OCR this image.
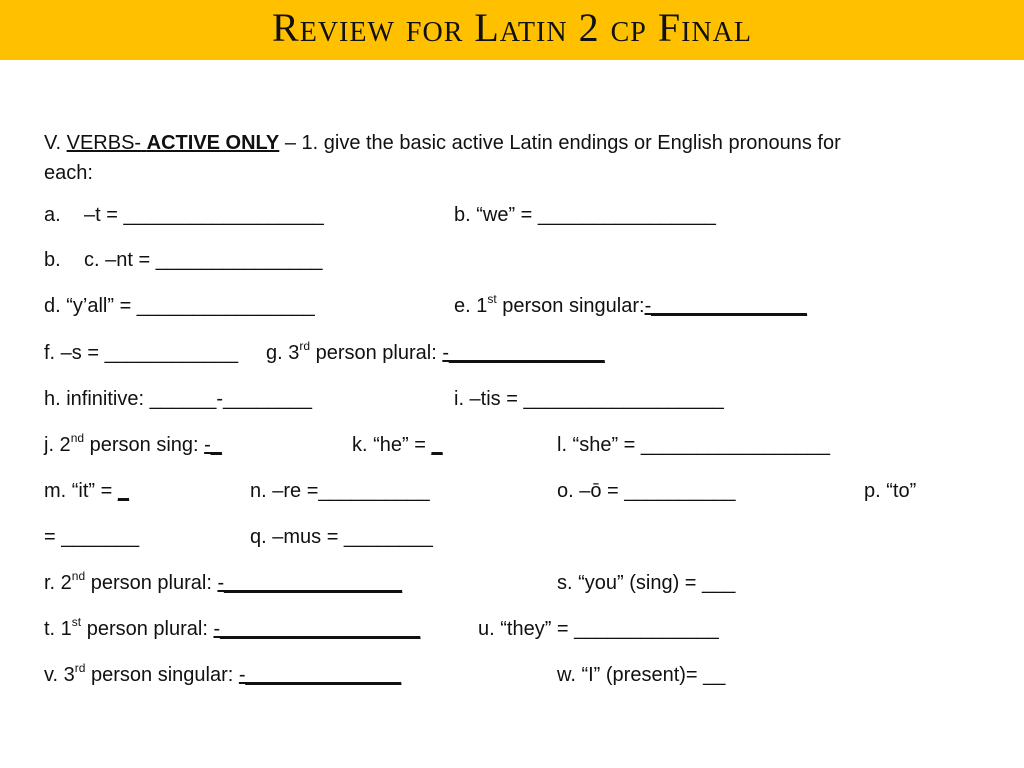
Review for Latin 2 cp Final
V. VERBS- ACTIVE ONLY – 1. give the basic active Latin endings or English pronouns for
each:
a. –t = __________________	b. “we” = ________________
b. c. –nt = _______________
d. “y’all” = ________________	e. 1st person singular:-______________
f. –s = ____________ g. 3rd person plural: -______________
h. infinitive: ______-________	i. –tis = __________________
j. 2nd person sing: -_	k. “he” = _	l. “she” = _________________
m. “it” = _	n. –re =__________	o. –ō = __________	p. “to”
= _______	q. –mus = ________
r. 2nd person plural: -________________	s. “you” (sing) = ___
t. 1st person plural: -__________________	u. “they” = _____________
v. 3rd person singular: -______________	w. “I” (present)= __
